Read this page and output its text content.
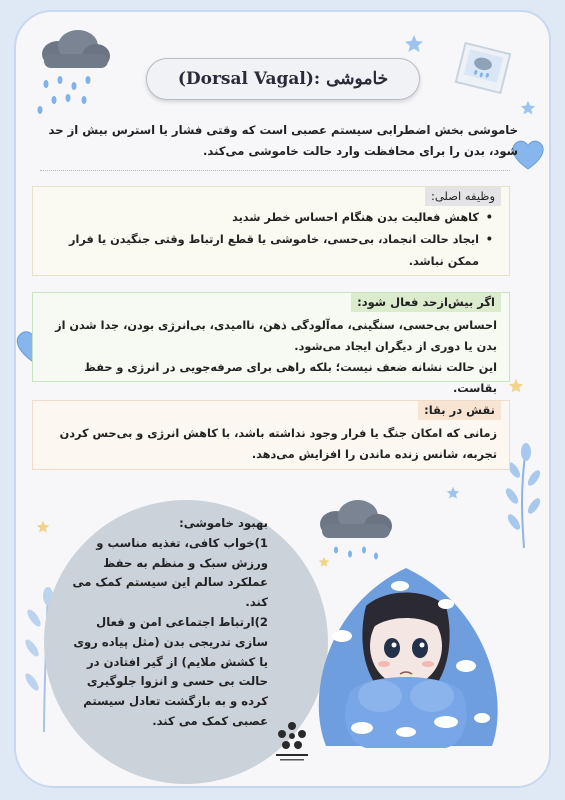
(Dorsal Vagal): خاموشی
خاموشی بخش اضطرابی سیستم عصبی است که وقتی فشار یا استرس بیش از حد شود، بدن را برای محافظت وارد حالت خاموشی می‌کند.
وظیفه اصلی:
• کاهش فعالیت بدن هنگام احساس خطر شدید
• ایجاد حالت انجماد، بی‌حسی، خاموشی یا قطع ارتباط وقتی جنگیدن یا فرار ممکن نباشد.
اگر بیش‌ازحد فعال شود:
احساس بی‌حسی، سنگینی، مه‌آلودگی ذهن، ناامیدی، بی‌انرژی بودن، جدا شدن از بدن یا دوری از دیگران ایجاد می‌شود.
این حالت نشانه ضعف نیست؛ بلکه راهی برای صرفه‌جویی در انرژی و حفظ بقاست.
نقش در بقا:
زمانی که امکان جنگ یا فرار وجود نداشته باشد، با کاهش انرژی و بی‌حس کردن تجربه، شانس زنده ماندن را افزایش می‌دهد.
بهبود خاموشی:
1)خواب کافی، تغذیه مناسب و ورزش سبک و منظم به حفظ عملکرد سالم این سیستم کمک می کند.
2)ارتباط اجتماعی امن و فعال سازی تدریجی بدن (مثل پیاده روی یا کشش ملایم) از گیر افتادن در حالت بی حسی و انزوا جلوگیری کرده و به بازگشت تعادل سیستم عصبی کمک می کند.
